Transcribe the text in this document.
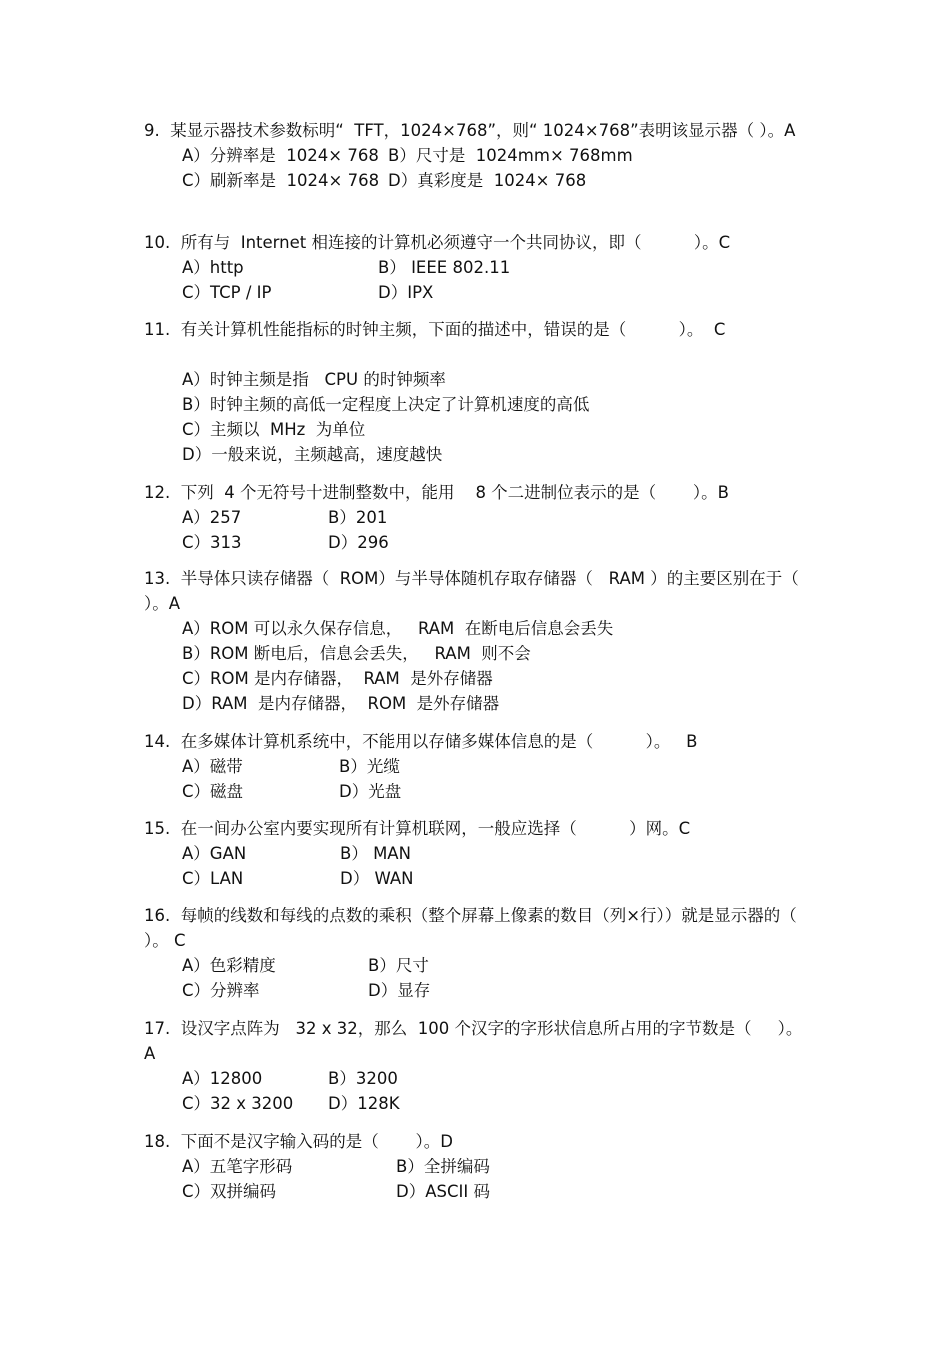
9.  某显示器技术参数标明“  TFT，1024×768”，则“ 1024×768”表明该显示器（ ）。A
A）分辨率是  1024× 768 B）尺寸是  1024mm× 768mm
C）刷新率是  1024× 768 D）真彩度是  1024× 768
10.  所有与  Internet 相连接的计算机必须遵守一个共同协议，即（          ）。C
A）http	B） IEEE 802.11
C）TCP / IP	D）IPX
11.  有关计算机性能指标的时钟主频，下面的描述中，错误的是（          ）。  C
A）时钟主频是指   CPU 的时钟频率
B）时钟主频的高低一定程度上决定了计算机速度的高低
C）主频以  MHz  为单位
D）一般来说，主频越高，速度越快
12.  下列  4 个无符号十进制整数中，能用    8 个二进制位表示的是（       ）。B
A）257	B）201
C）313	D）296
13.  半导体只读存储器（  ROM）与半导体随机存取存储器（   RAM ）的主要区别在于（     ）。A
A）ROM 可以永久保存信息，   RAM  在断电后信息会丢失
B）ROM 断电后，信息会丢失，   RAM  则不会
C）ROM 是内存储器，  RAM  是外存储器
D）RAM  是内存储器，  ROM  是外存储器
14.  在多媒体计算机系统中，不能用以存储多媒体信息的是（          ）。   B
A）磁带	B）光缆
C）磁盘	D）光盘
15.  在一间办公室内要实现所有计算机联网，一般应选择（          ）网。C
A）GAN	B） MAN
C）LAN	D） WAN
16.  每帧的线数和每线的点数的乘积（整个屏幕上像素的数目（列×行））就是显示器的（     ）。 C
A）色彩精度	B）尺寸
C）分辨率	D）显存
17.  设汉字点阵为   32 x 32，那么  100 个汉字的字形状信息所占用的字节数是（     ）。A
A）12800	B）3200
C）32 x 3200 D）128K
18.  下面不是汉字输入码的是（       ）。D
A）五笔字形码	B）全拼编码
C）双拼编码	D）ASCII 码
